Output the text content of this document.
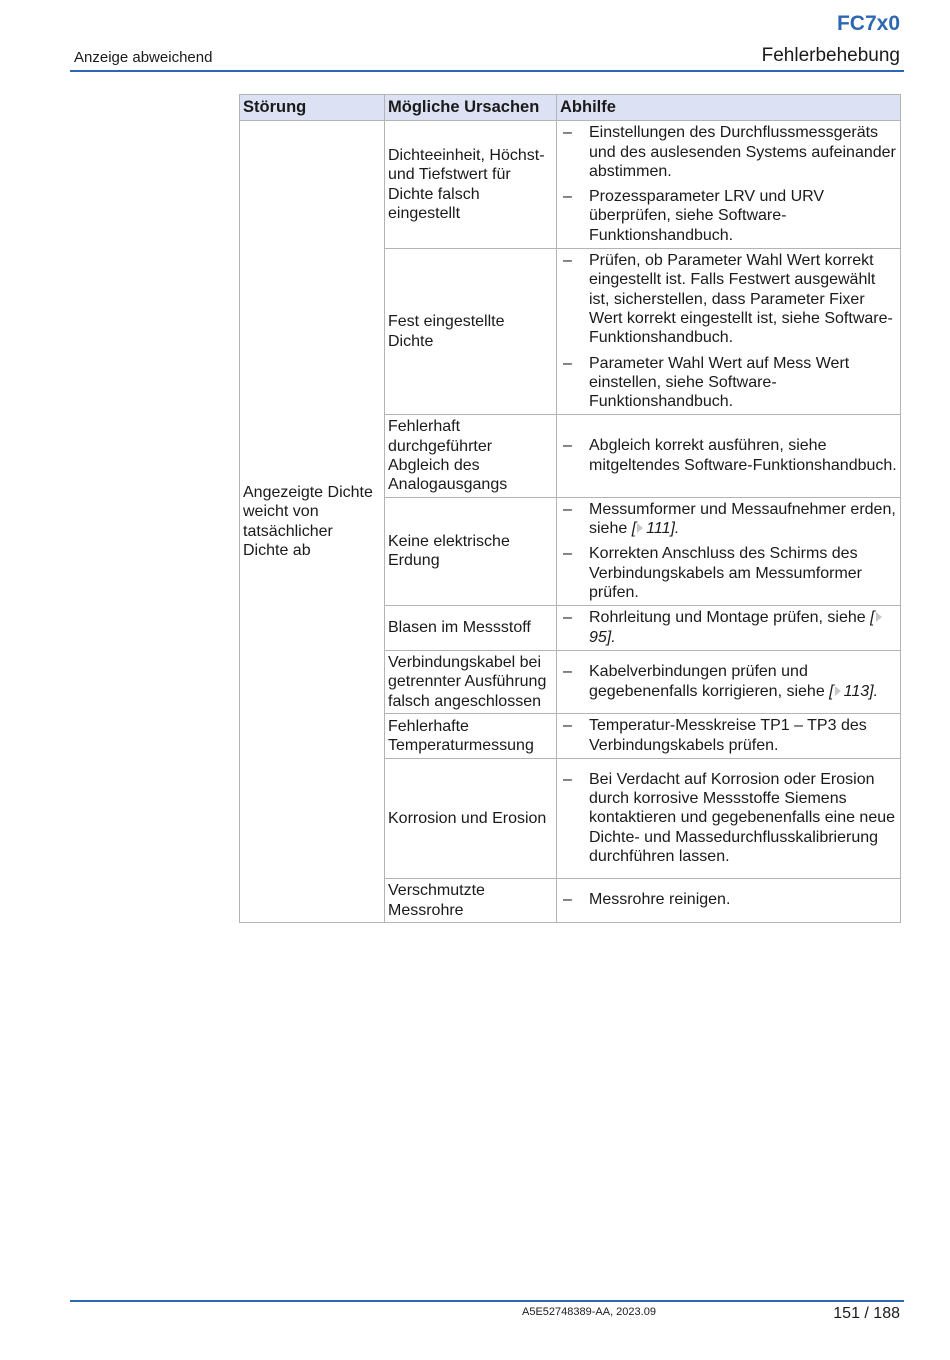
FC7x0
Anzeige abweichend	Fehlerbehebung
Störung	Mögliche Ursachen	Abhilfe
Angezeigte Dichte weicht von tatsächlicher Dichte ab	Dichteeinheit, Höchst- und Tiefstwert für Dichte falsch eingestellt	– Einstellungen des Durchflussmessgeräts und des auslesenden Systems aufeinander abstimmen.
– Prozessparameter LRV und URV überprüfen, siehe Software-Funktionshandbuch.

	Fest eingestellte Dichte	– Prüfen, ob Parameter Wahl Wert korrekt eingestellt ist. Falls Festwert ausgewählt ist, sicherstellen, dass Parameter Fixer Wert korrekt eingestellt ist, siehe Software-Funktionshandbuch.
– Parameter Wahl Wert auf Mess Wert einstellen, siehe Software-Funktionshandbuch.

	Fehlerhaft durchgeführter Abgleich des Analogausgangs	– Abgleich korrekt ausführen, siehe mitgeltendes Software-Funktionshandbuch.

	Keine elektrische Erdung	– Messumformer und Messaufnehmer erden, siehe [ 111].
– Korrekten Anschluss des Schirms des Verbindungskabels am Messumformer prüfen.

	Blasen im Messstoff	– Rohrleitung und Montage prüfen, siehe [95].

	Verbindungskabel bei getrennter Ausführung falsch angeschlossen	– Kabelverbindungen prüfen und gegebenenfalls korrigieren, siehe [ 113].

	Fehlerhafte Temperaturmessung	– Temperatur-Messkreise TP1 – TP3 des Verbindungskabels prüfen.

	Korrosion und Erosion	– Bei Verdacht auf Korrosion oder Erosion durch korrosive Messstoffe Siemens kontaktieren und gegebenenfalls eine neue Dichte- und Massedurchflusskalibrierung durchführen lassen.

	Verschmutzte Messrohre	– Messrohre reinigen.
A5E52748389-AA, 2023.09	151 / 188
